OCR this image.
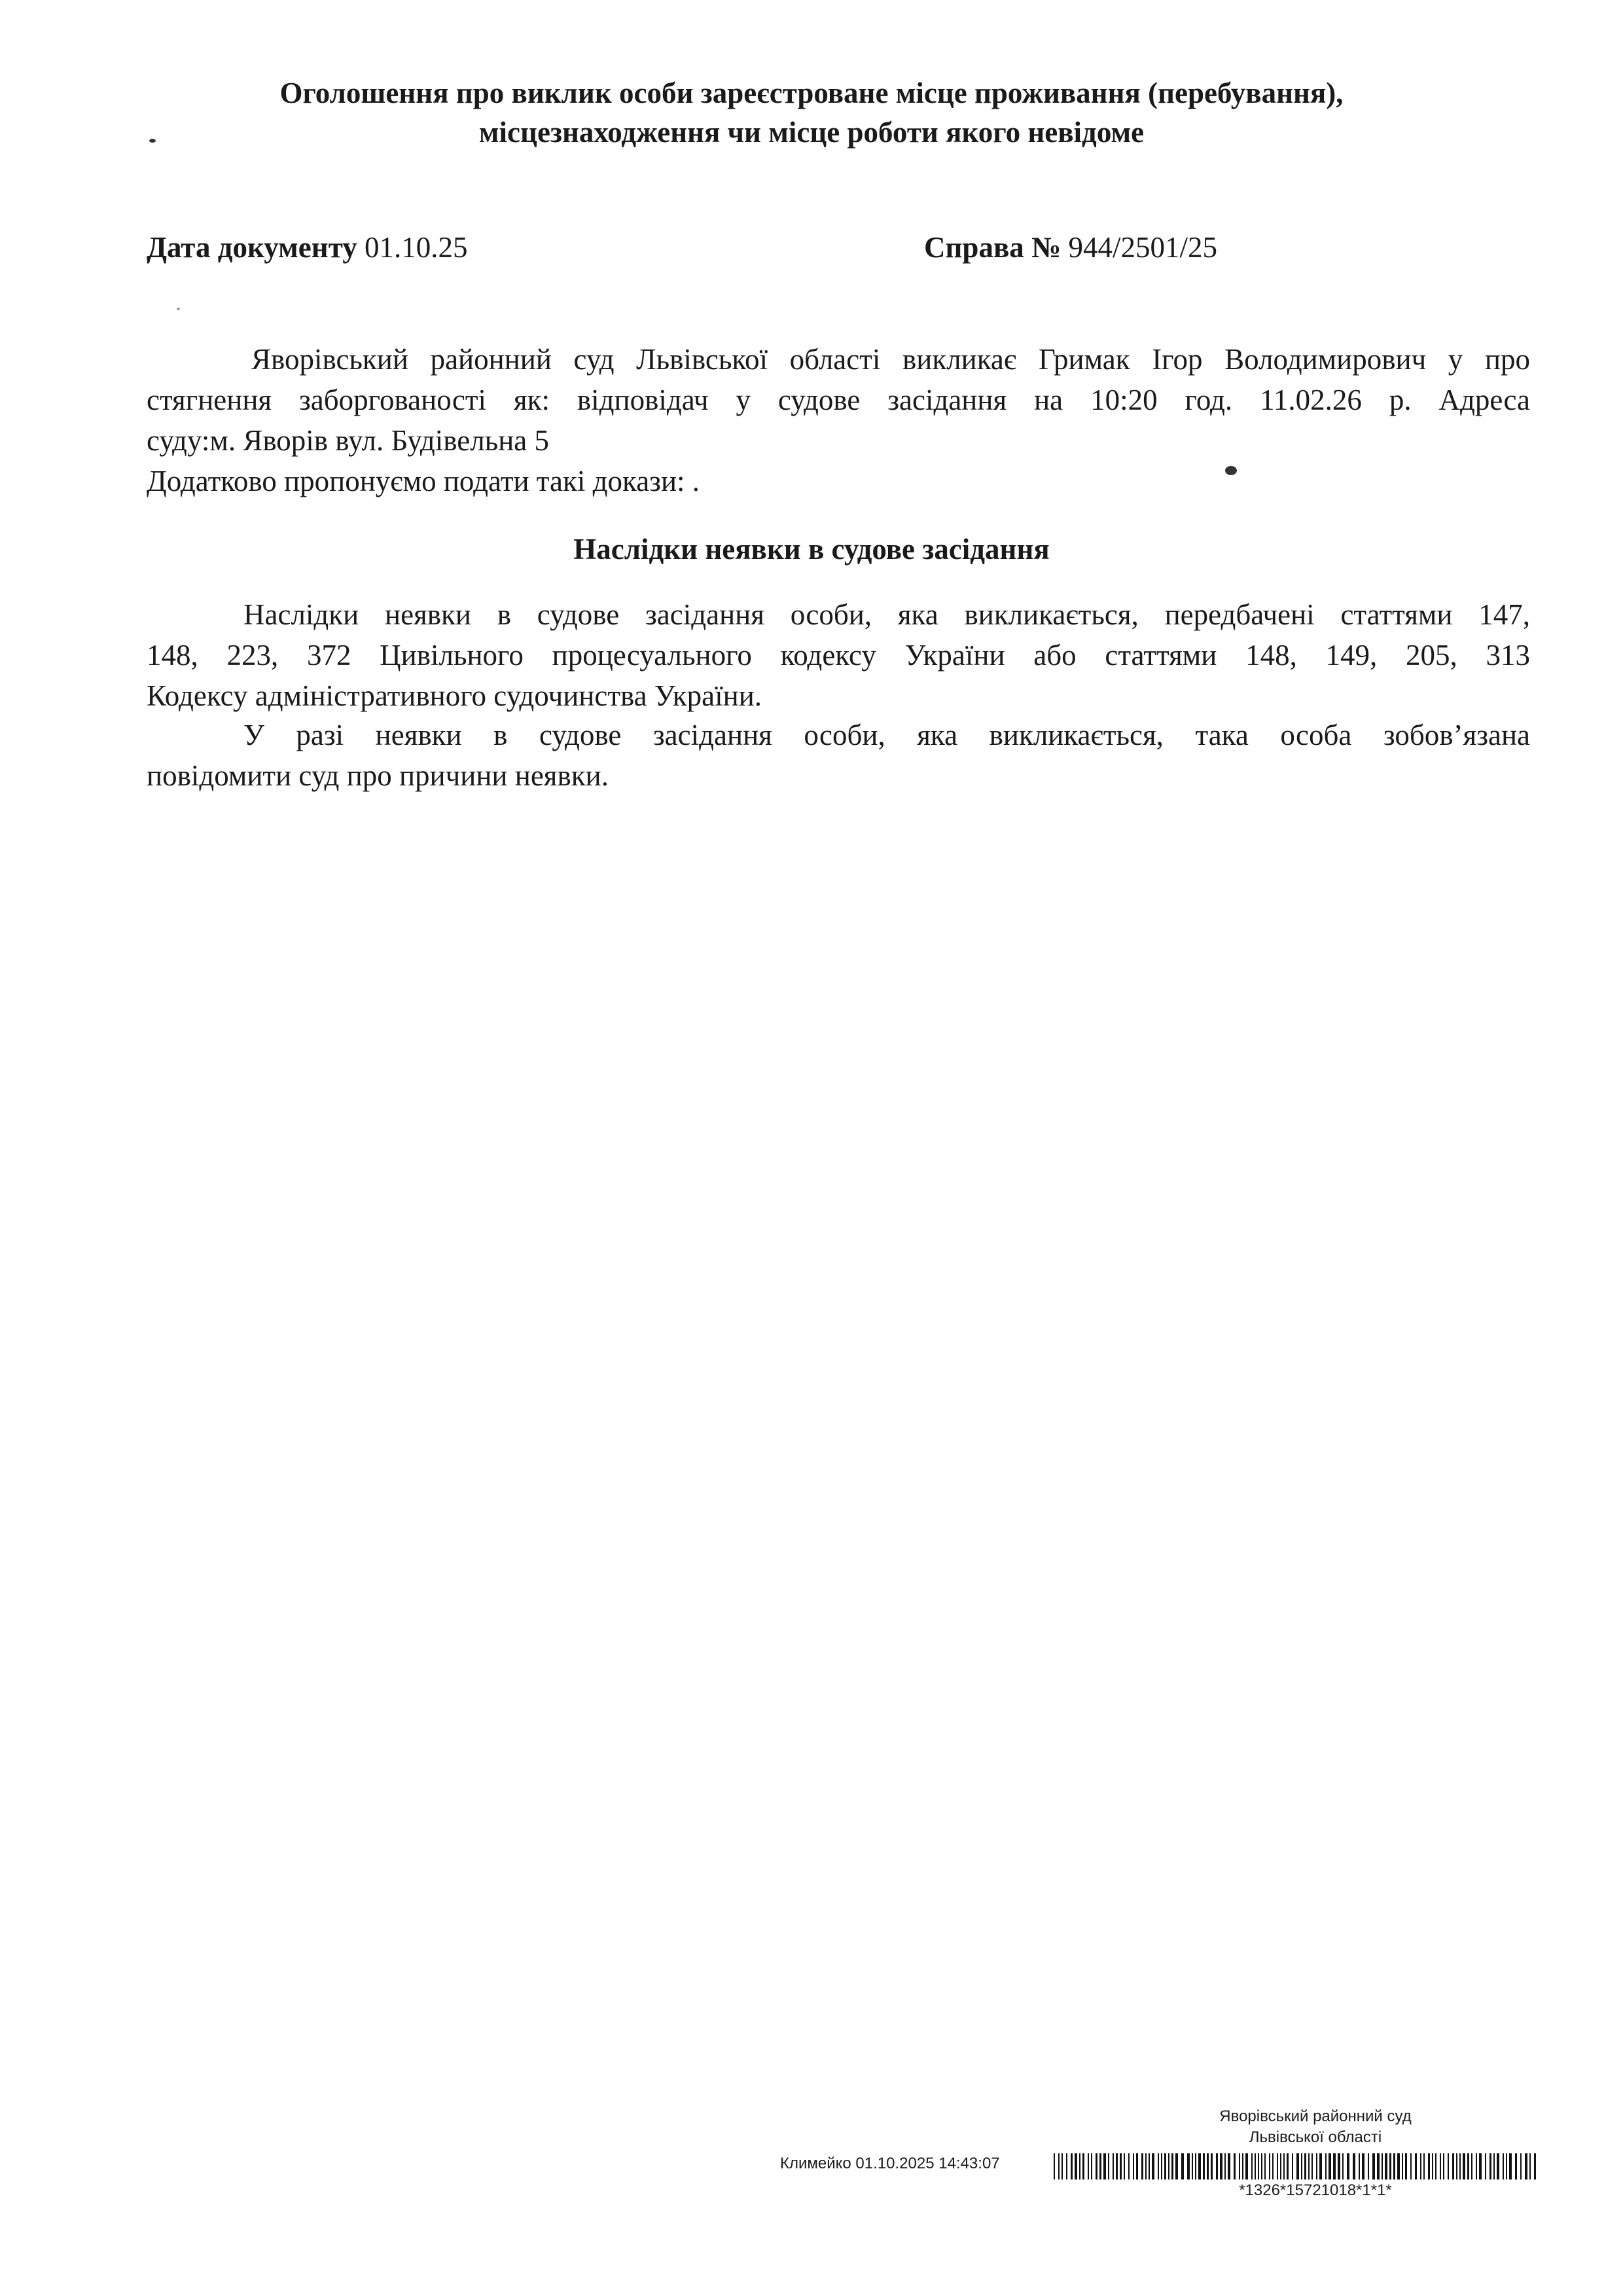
Оголошення про виклик особи зареєстроване місце проживання (перебування),
місцезнаходження чи місце роботи якого невідоме
Дата документу 01.10.25	Справа № 944/2501/25
Яворівський районний суд Львівської області викликає Гримак Ігор Володимирович у про
стягнення заборгованості як: відповідач у судове засідання на 10:20 год. 11.02.26 р. Адреса
суду:м. Яворів вул. Будівельна 5
Додатково пропонуємо подати такі докази: .
Наслідки неявки в судове засідання
Наслідки неявки в судове засідання особи, яка викликається, передбачені статтями 147,
148, 223, 372 Цивільного процесуального кодексу України або статтями 148, 149, 205, 313
Кодексу адміністративного судочинства України.
У разі неявки в судове засідання особи, яка викликається, така особа зобов’язана
повідомити суд про причини неявки.
Яворівський районний суд
Львівської області
Климейко 01.10.2025 14:43:07
*1326*15721018*1*1*
